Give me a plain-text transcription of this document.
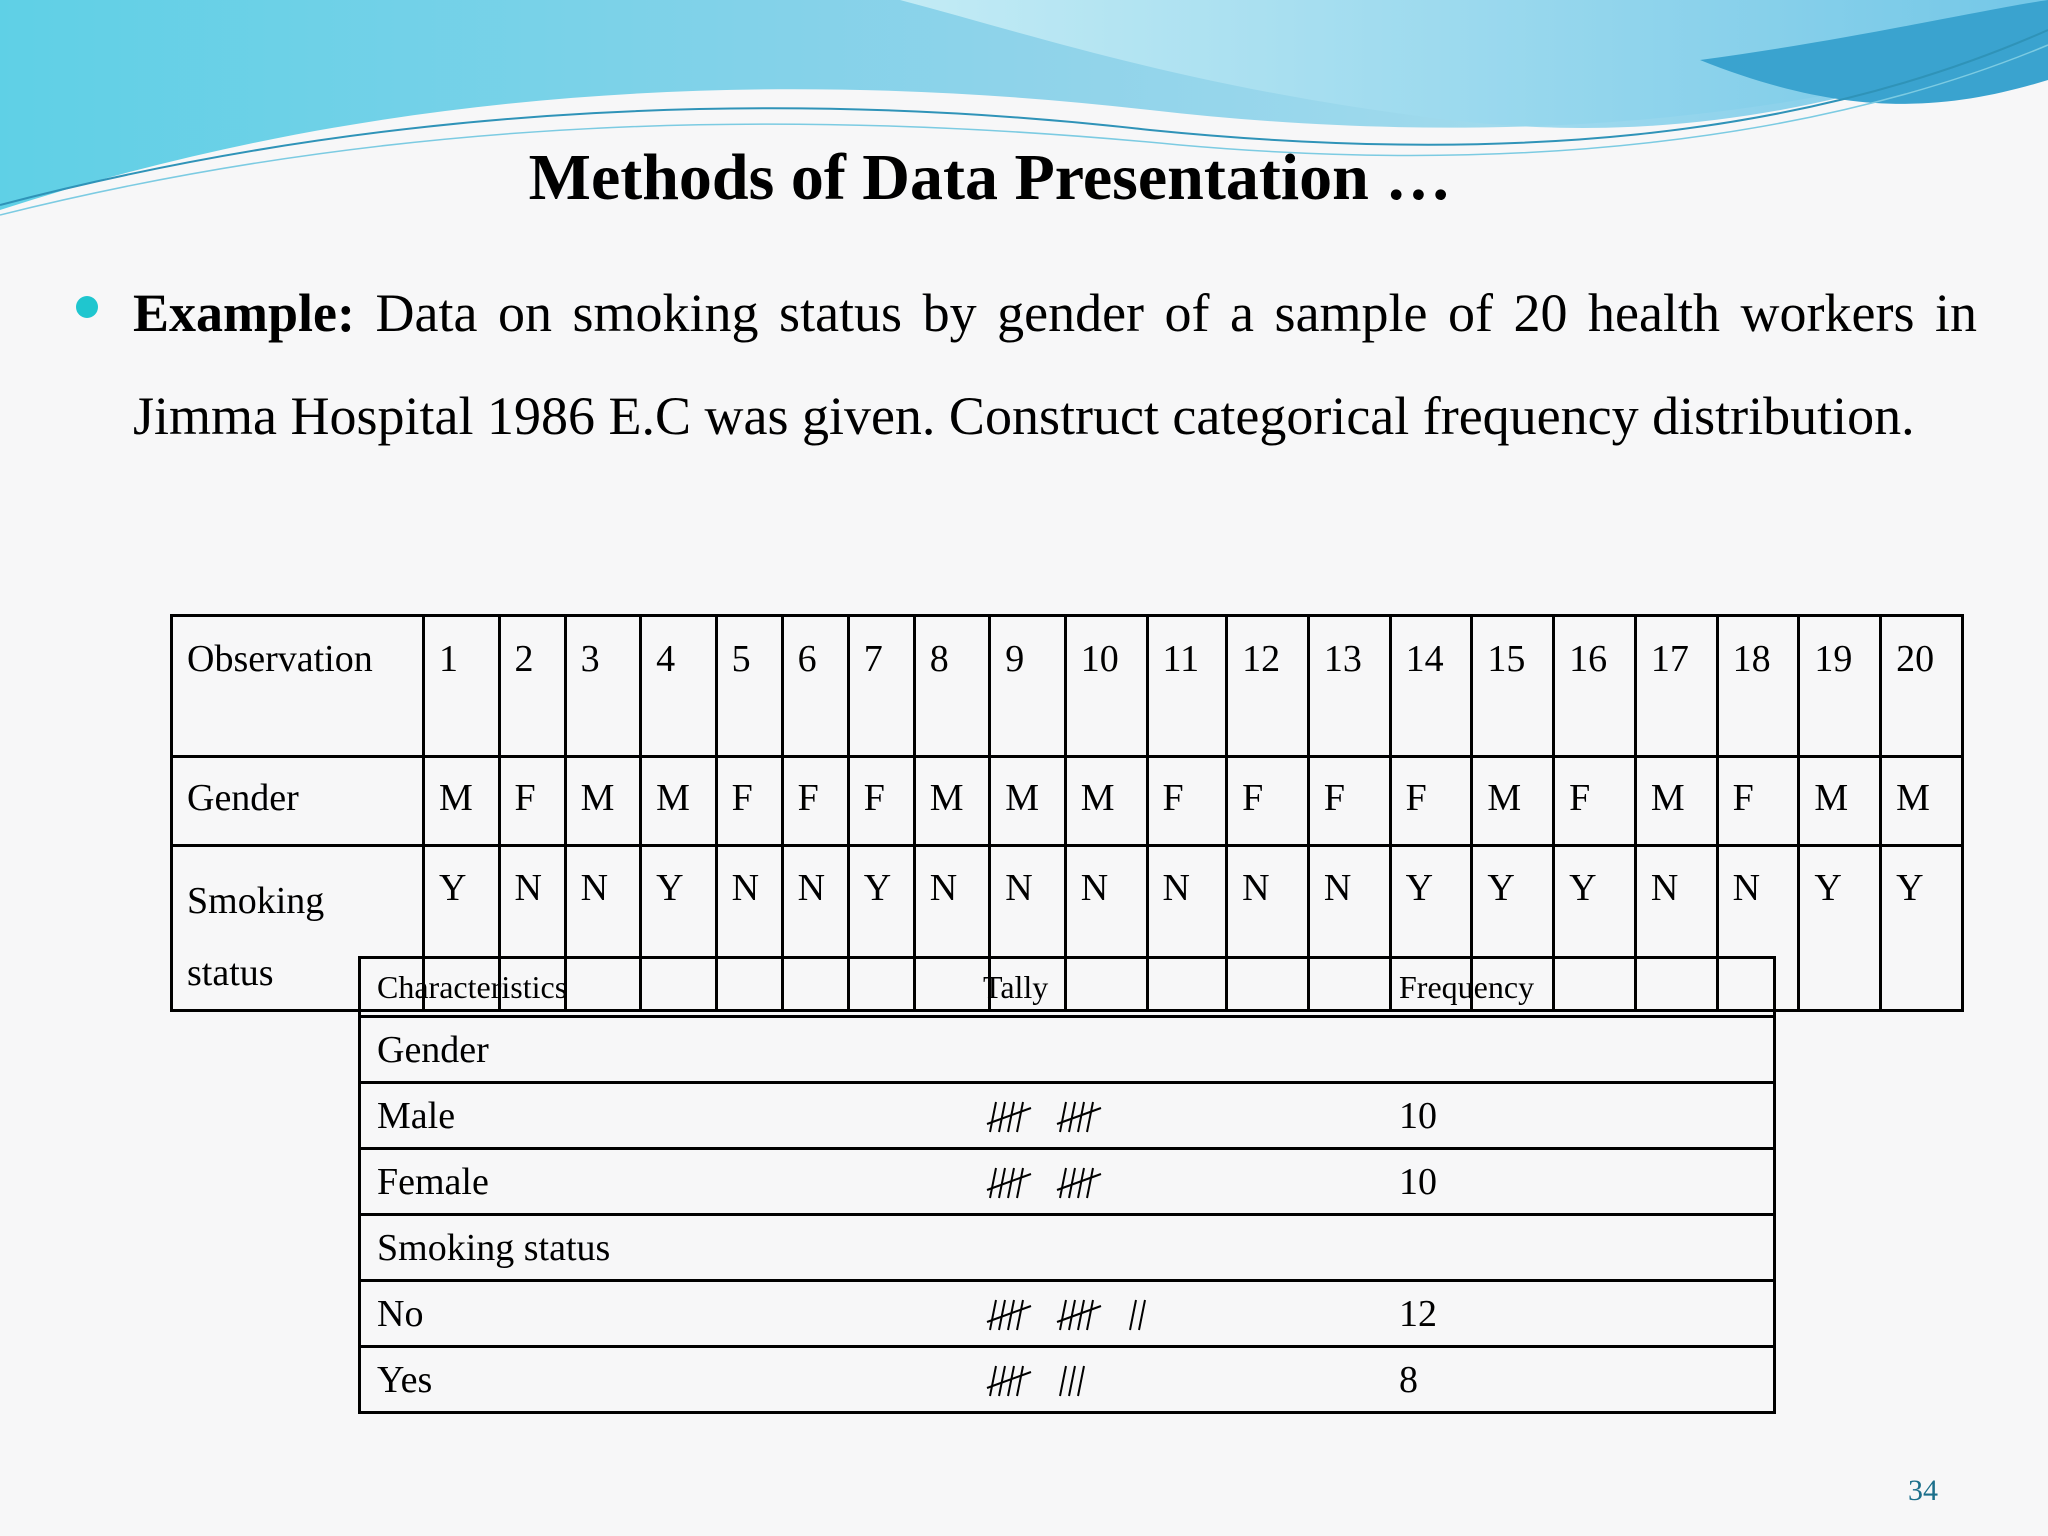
Methods of Data Presentation …
Example: Data on smoking status by gender of a sample of 20 health workers in Jimma Hospital 1986 E.C was given. Construct categorical frequency distribution.
Observation	1	2	3	4	5	6	7	8	9	10	11	12	13	14	15	16	17	18	19	20
Gender	M	F	M	M	F	F	F	M	M	M	F	F	F	F	M	F	M	F	M	M
Smoking
status	Y	N	N	Y	N	N	Y	N	N	N	N	N	N	Y	Y	Y	N	N	Y	Y
Characteristics	Tally	Frequency
Gender		
Male		10
Female		10
Smoking status		
No		12
Yes		8
34
